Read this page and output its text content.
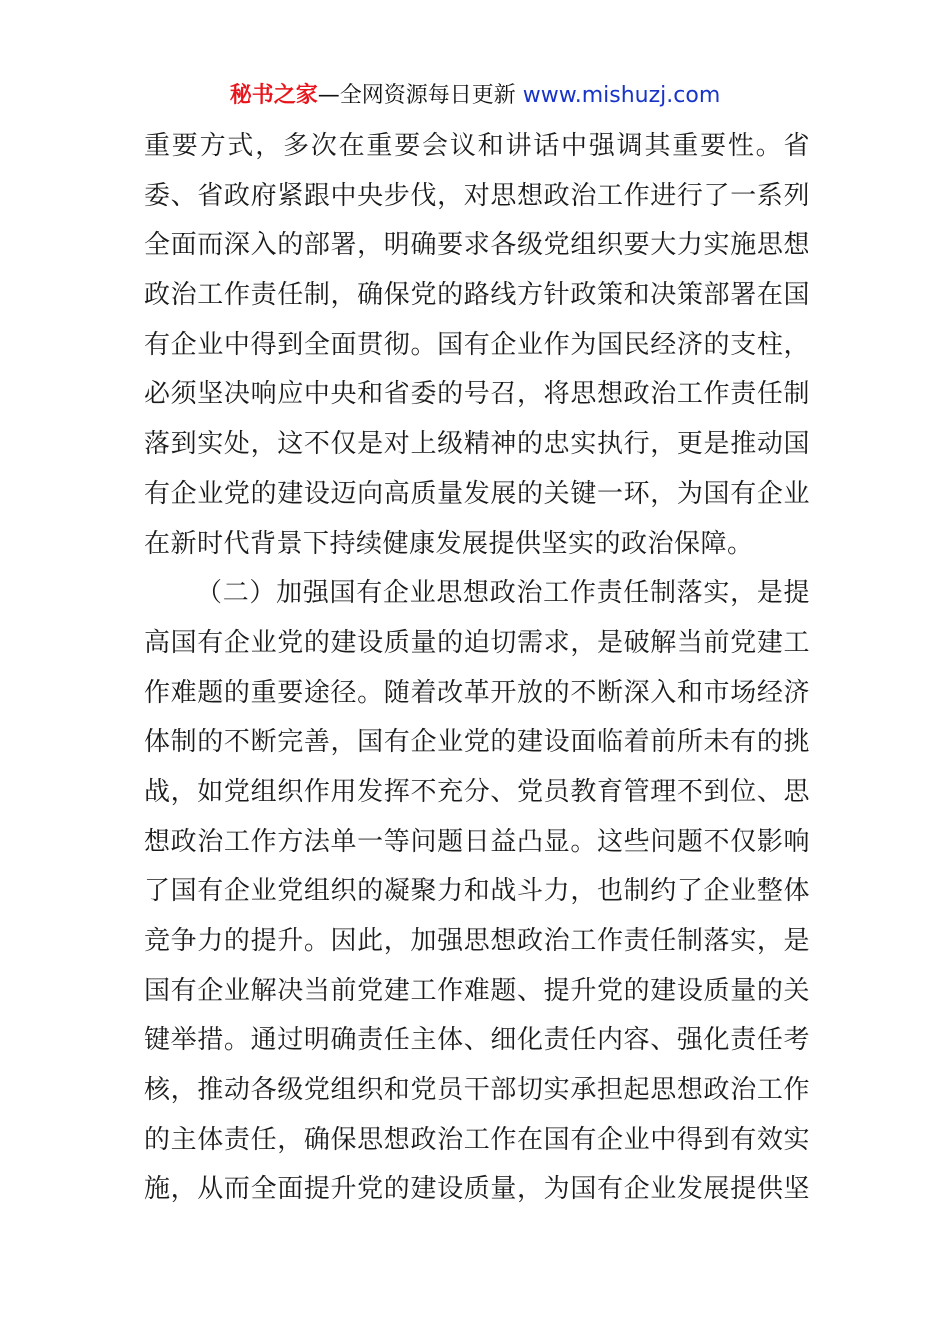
秘书之家—全网资源每日更新 www.mishuzj.com
重要方式，多次在重要会议和讲话中强调其重要性。省
委、省政府紧跟中央步伐，对思想政治工作进行了一系列
全面而深入的部署，明确要求各级党组织要大力实施思想
政治工作责任制，确保党的路线方针政策和决策部署在国
有企业中得到全面贯彻。国有企业作为国民经济的支柱，
必须坚决响应中央和省委的号召，将思想政治工作责任制
落到实处，这不仅是对上级精神的忠实执行，更是推动国
有企业党的建设迈向高质量发展的关键一环，为国有企业
在新时代背景下持续健康发展提供坚实的政治保障。
（二）加强国有企业思想政治工作责任制落实，是提
高国有企业党的建设质量的迫切需求，是破解当前党建工
作难题的重要途径。随着改革开放的不断深入和市场经济
体制的不断完善，国有企业党的建设面临着前所未有的挑
战，如党组织作用发挥不充分、党员教育管理不到位、思
想政治工作方法单一等问题日益凸显。这些问题不仅影响
了国有企业党组织的凝聚力和战斗力，也制约了企业整体
竞争力的提升。因此，加强思想政治工作责任制落实，是
国有企业解决当前党建工作难题、提升党的建设质量的关
键举措。通过明确责任主体、细化责任内容、强化责任考
核，推动各级党组织和党员干部切实承担起思想政治工作
的主体责任，确保思想政治工作在国有企业中得到有效实
施，从而全面提升党的建设质量，为国有企业发展提供坚
